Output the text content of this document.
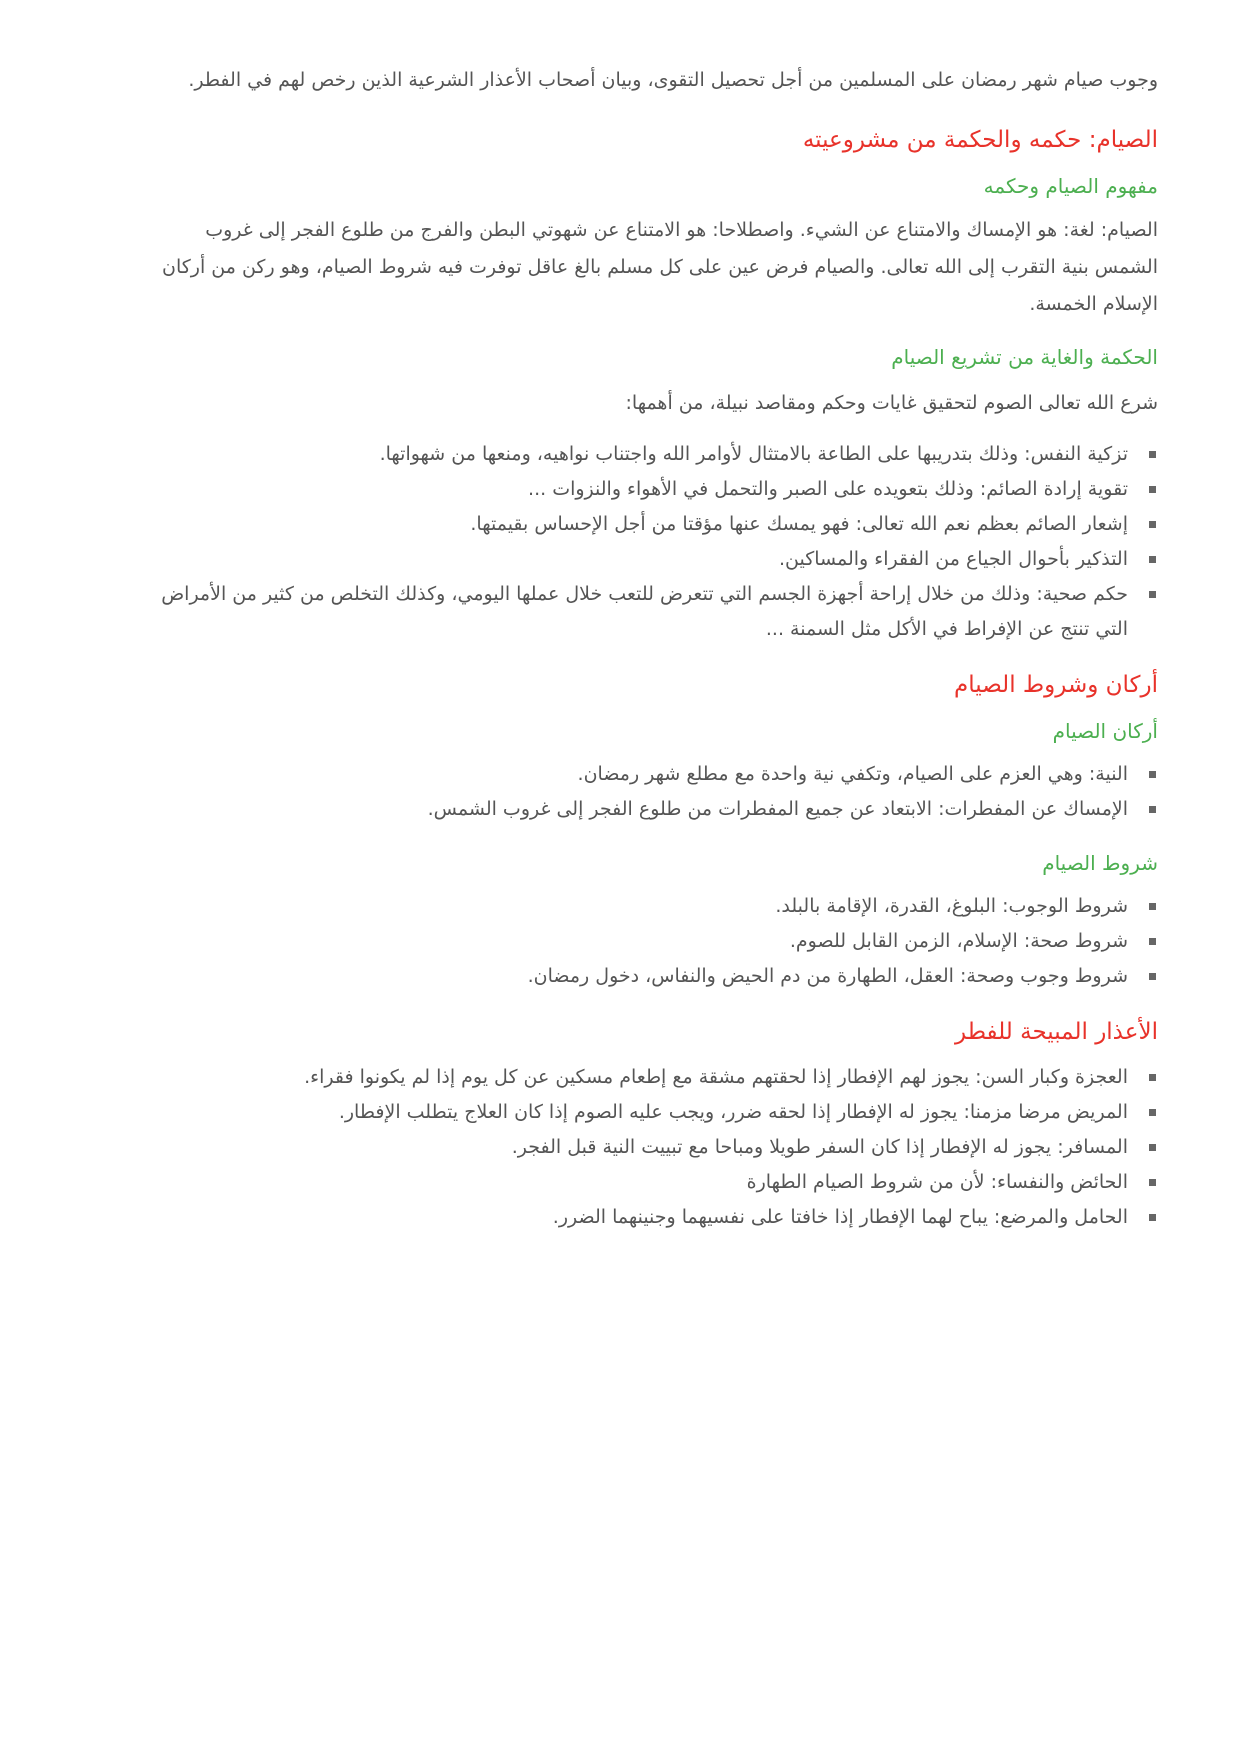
وجوب صيام شهر رمضان على المسلمين من أجل تحصيل التقوى، وبيان أصحاب الأعذار الشرعية الذين رخص لهم في الفطر.

الصيام: حكمه والحكمة من مشروعيته
مفهوم الصيام وحكمه

الصيام: لغة: هو الإمساك والامتناع عن الشيء. واصطلاحا: هو الامتناع عن شهوتي البطن والفرج من طلوع الفجر إلى غروب الشمس بنية التقرب إلى الله تعالى. والصيام فرض عين على كل مسلم بالغ عاقل توفرت فيه شروط الصيام، وهو ركن من أركان الإسلام الخمسة.

الحكمة والغاية من تشريع الصيام

شرع الله تعالى الصوم لتحقيق غايات وحكم ومقاصد نبيلة، من أهمها:

تزكية النفس: وذلك بتدريبها على الطاعة بالامتثال لأوامر الله واجتناب نواهيه، ومنعها من شهواتها.
تقوية إرادة الصائم: وذلك بتعويده على الصبر والتحمل في الأهواء والنزوات ...
إشعار الصائم بعظم نعم الله تعالى: فهو يمسك عنها مؤقتا من أجل الإحساس بقيمتها.
التذكير بأحوال الجياع من الفقراء والمساكين.
حكم صحية: وذلك من خلال إراحة أجهزة الجسم التي تتعرض للتعب خلال عملها اليومي، وكذلك التخلص من كثير من الأمراض التي تنتج عن الإفراط في الأكل مثل السمنة ...
أركان وشروط الصيام
أركان الصيام
النية: وهي العزم على الصيام، وتكفي نية واحدة مع مطلع شهر رمضان.
الإمساك عن المفطرات: الابتعاد عن جميع المفطرات من طلوع الفجر إلى غروب الشمس.
شروط الصيام
شروط الوجوب: البلوغ، القدرة، الإقامة بالبلد.
شروط صحة: الإسلام، الزمن القابل للصوم.
شروط وجوب وصحة: العقل، الطهارة من دم الحيض والنفاس، دخول رمضان.
الأعذار المبيحة للفطر
العجزة وكبار السن: يجوز لهم الإفطار إذا لحقتهم مشقة مع إطعام مسكين عن كل يوم إذا لم يكونوا فقراء.
المريض مرضا مزمنا: يجوز له الإفطار إذا لحقه ضرر، ويجب عليه الصوم إذا كان العلاج يتطلب الإفطار.
المسافر: يجوز له الإفطار إذا كان السفر طويلا ومباحا مع تبييت النية قبل الفجر.
الحائض والنفساء: لأن من شروط الصيام الطهارة
الحامل والمرضع: يباح لهما الإفطار إذا خافتا على نفسيهما وجنينهما الضرر.
